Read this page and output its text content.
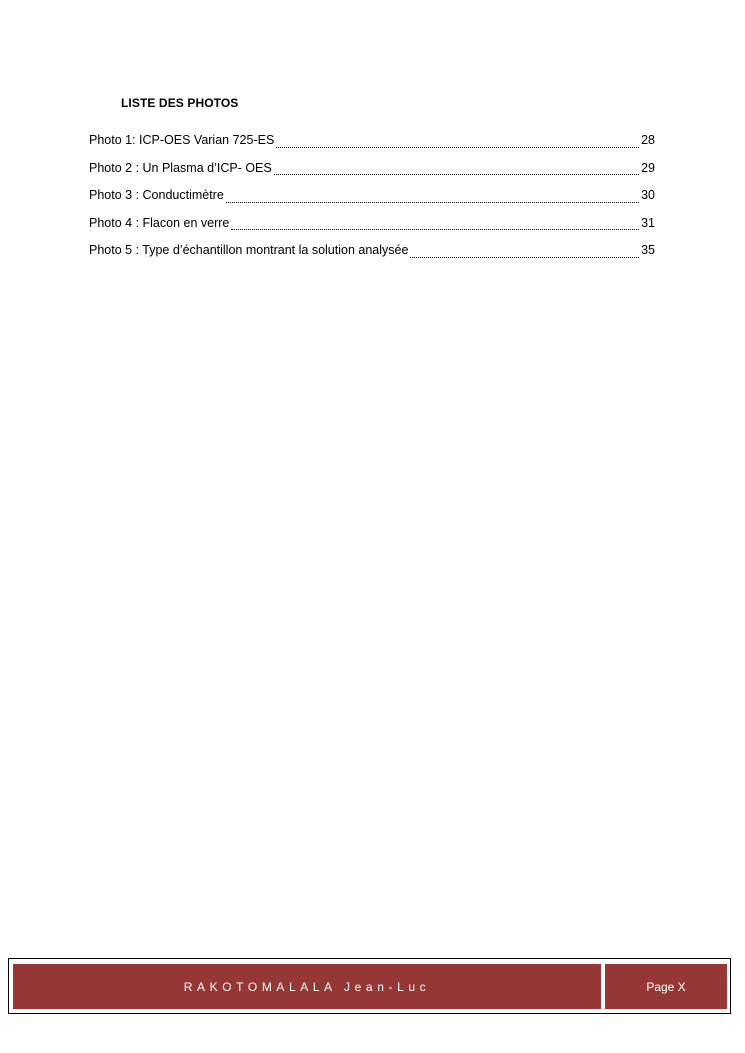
LISTE DES PHOTOS
Photo 1: ICP-OES Varian 725-ES	28
Photo 2 : Un Plasma d’ICP- OES	29
Photo 3 : Conductimètre	30
Photo 4 : Flacon en verre	31
Photo 5 : Type d’échantillon montrant la solution analysée	35
RAKOTOMALALA Jean-Luc	Page X
